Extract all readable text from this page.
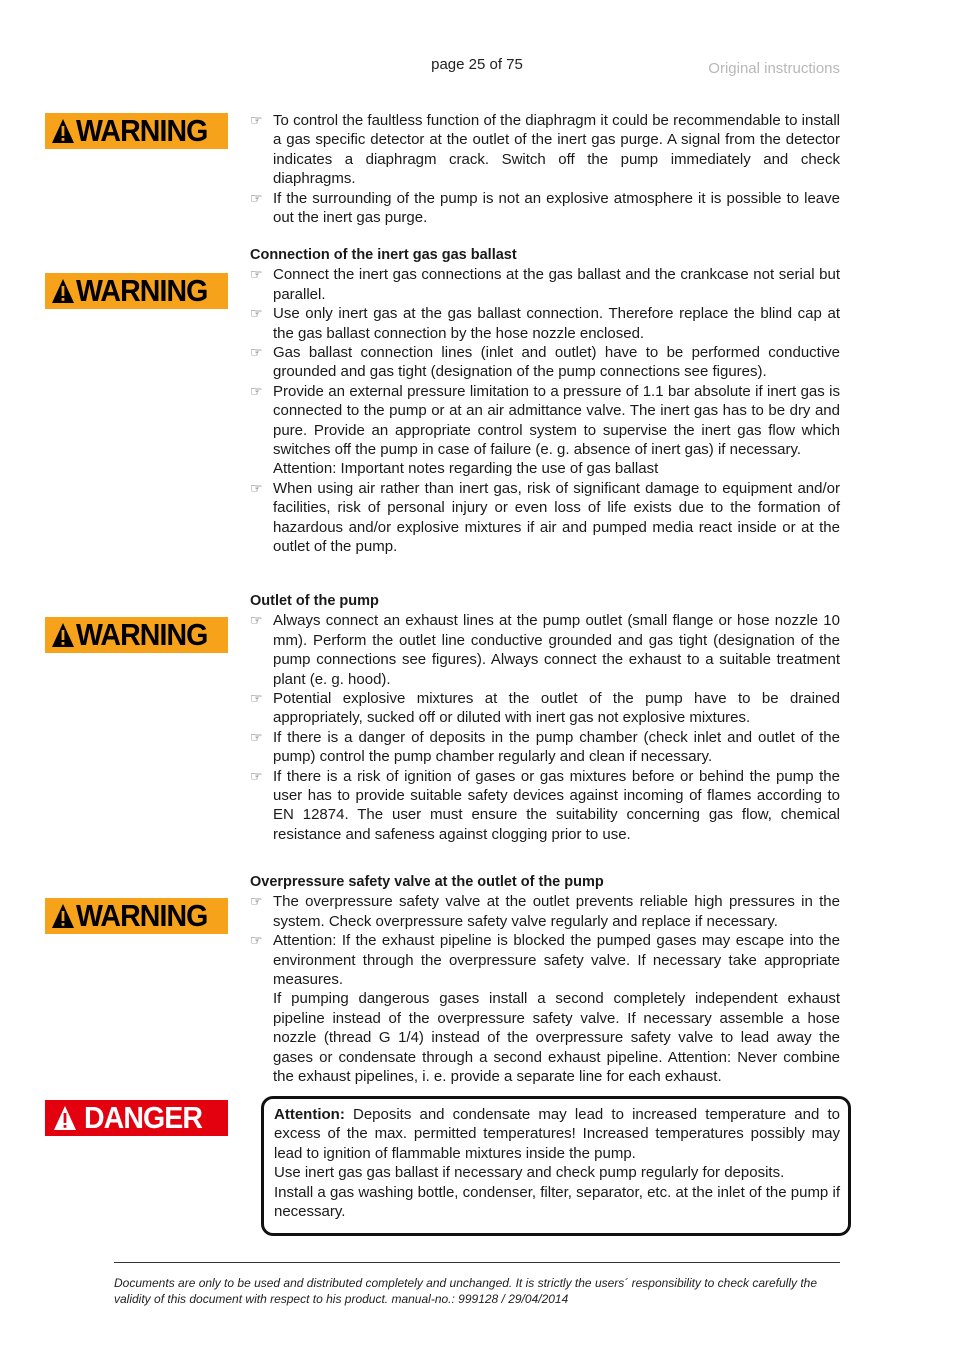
page 25 of 75	Original instructions
WARNING
WARNING
WARNING
WARNING
DANGER
☞ To control the faultless function of the diaphragm it could be recommendable to install a gas specific detector at the outlet of the inert gas purge. A signal from the detector indicates a diaphragm crack. Switch off the pump immediately and check diaphragms.
☞ If the surrounding of the pump is not an explosive atmosphere it is possible to leave out the inert gas purge.

Connection of the inert gas gas ballast

☞ Connect the inert gas connections at the gas ballast and the crankcase not serial but parallel.
☞ Use only inert gas at the gas ballast connection. Therefore replace the blind cap at the gas ballast connection by the hose nozzle enclosed.
☞ Gas ballast connection lines (inlet and outlet) have to be performed conductive grounded and gas tight (designation of the pump connections see figures).
☞ Provide an external pressure limitation to a pressure of 1.1 bar absolute if inert gas is connected to the pump or at an air admittance valve. The inert gas has to be dry and pure. Provide an appropriate control system to supervise the inert gas flow which switches off the pump in case of failure (e. g. absence of inert gas) if necessary.
Attention: Important notes regarding the use of gas ballast
☞ When using air rather than inert gas, risk of significant damage to equipment and/or facilities, risk of personal injury or even loss of life exists due to the formation of hazardous and/or explosive mixtures if air and pumped media react inside or at the outlet of the pump.

Outlet of the pump

☞ Always connect an exhaust lines at the pump outlet (small flange or hose nozzle 10 mm). Perform the outlet line conductive grounded and gas tight (designation of the pump connections see figures). Always connect the exhaust to a suitable treatment plant (e. g. hood).
☞ Potential explosive mixtures at the outlet of the pump have to be drained appropriately, sucked off or diluted with inert gas not explosive mixtures.
☞ If there is a danger of deposits in the pump chamber (check inlet and outlet of the pump) control the pump chamber regularly and clean if necessary.
☞ If there is a risk of ignition of gases or gas mixtures before or behind the pump the user has to provide suitable safety devices against incoming of flames according to EN 12874. The user must ensure the suitability concerning gas flow, chemical resistance and safeness against clogging prior to use.

Overpressure safety valve at the outlet of the pump

☞ The overpressure safety valve at the outlet prevents reliable high pressures in the system. Check overpressure safety valve regularly and replace if necessary.
☞ Attention: If the exhaust pipeline is blocked the pumped gases may escape into the environment through the overpressure safety valve. If necessary take appropriate measures.
If pumping dangerous gases install a second completely independent exhaust pipeline instead of the overpressure safety valve. If necessary assemble a hose nozzle (thread G 1/4) instead of the overpressure safety valve to lead away the gases or condensate through a second exhaust pipeline. Attention: Never combine the exhaust pipelines, i. e. provide a separate line for each exhaust.
Attention: Deposits and condensate may lead to increased temperature and to excess of the max. permitted temperatures! Increased temperatures possibly may lead to ignition of flammable mixtures inside the pump.
Use inert gas gas ballast if necessary and check pump regularly for deposits.
Install a gas washing bottle, condenser, filter, separator, etc. at the inlet of the pump if necessary.
Documents are only to be used and distributed completely and unchanged. It is strictly the users´ responsibility to check carefully the validity of this document with respect to his product. manual-no.: 999128 / 29/04/2014
